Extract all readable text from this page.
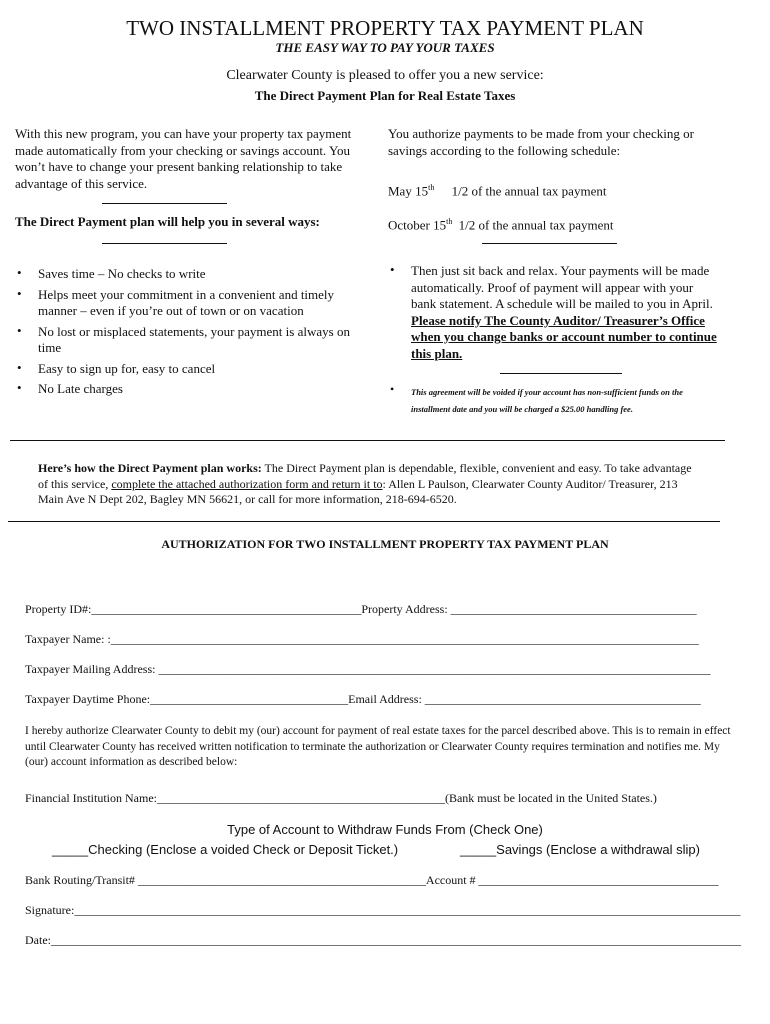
TWO INSTALLMENT PROPERTY TAX PAYMENT PLAN
THE EASY WAY TO PAY YOUR TAXES
Clearwater County is pleased to offer you a new service:
The Direct Payment Plan for Real Estate Taxes
With this new program, you can have your property tax payment made automatically from your checking or savings account. You won’t have to change your present banking relationship to take advantage of this service.
The Direct Payment plan will help you in several ways:
• Saves time – No checks to write
• Helps meet your commitment in a convenient and timely manner – even if you’re out of town or on vacation
• No lost or misplaced statements, your payment is always on time
• Easy to sign up for, easy to cancel
• No Late charges
You authorize payments to be made from your checking or savings according to the following schedule:
May 15th 1/2 of the annual tax payment
October 15th 1/2 of the annual tax payment
• Then just sit back and relax. Your payments will be made automatically. Proof of payment will appear with your bank statement. A schedule will be mailed to you in April. Please notify The County Auditor/ Treasurer’s Office when you change banks or account number to continue this plan.
• This agreement will be voided if your account has non-sufficient funds on the installment date and you will be charged a $25.00 handling fee.
Here’s how the Direct Payment plan works: The Direct Payment plan is dependable, flexible, convenient and easy. To take advantage of this service, complete the attached authorization form and return it to: Allen L Paulson, Clearwater County Auditor/ Treasurer, 213 Main Ave N Dept 202, Bagley MN 56621, or call for more information, 218-694-6520.
AUTHORIZATION FOR TWO INSTALLMENT PROPERTY TAX PAYMENT PLAN
Property ID#:_____________________________________________Property Address: _________________________________________
Taxpayer Name: :__________________________________________________________________________________________________
Taxpayer Mailing Address: ____________________________________________________________________________________________
Taxpayer Daytime Phone:_________________________________Email Address: ______________________________________________
I hereby authorize Clearwater County to debit my (our) account for payment of real estate taxes for the parcel described above. This is to remain in effect until Clearwater County has received written notification to terminate the authorization or Clearwater County requires termination and notifies me. My (our) account information as described below:
Financial Institution Name:________________________________________________(Bank must be located in the United States.)
Type of Account to Withdraw Funds From (Check One)
_____Checking (Enclose a voided Check or Deposit Ticket.)	_____Savings (Enclose a withdrawal slip)
Bank Routing/Transit# ________________________________________________Account # ________________________________________
Signature:_______________________________________________________________________________________________________________
Date:___________________________________________________________________________________________________________________
